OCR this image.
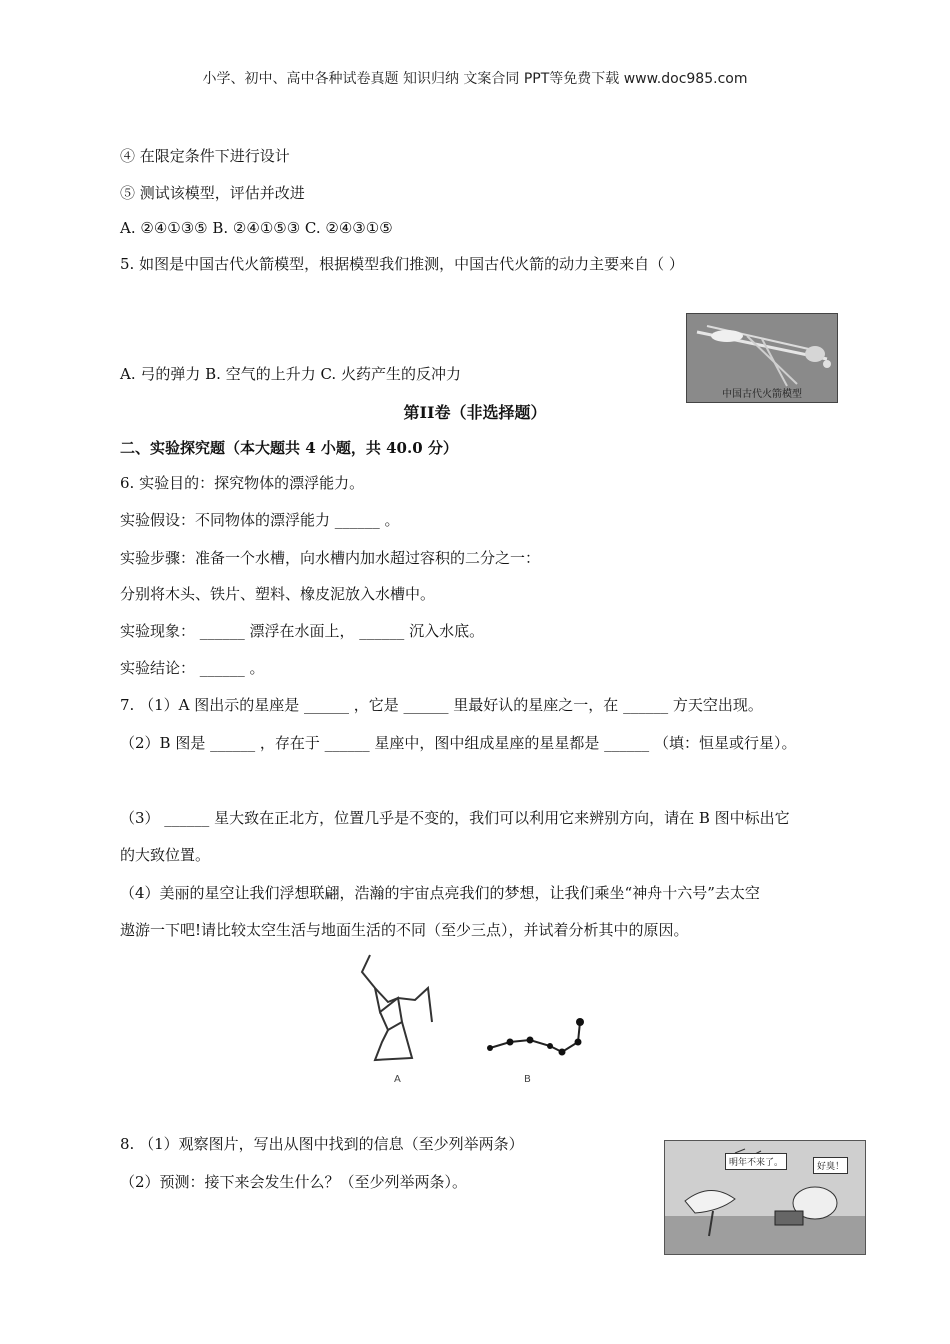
小学、初中、高中各种试卷真题 知识归纳 文案合同 PPT等免费下载 www.doc985.com
④ 在限定条件下进行设计
⑤ 测试该模型，评估并改进
A. ②④①③⑤ B. ②④①⑤③ C. ②④③①⑤
5. 如图是中国古代火箭模型，根据模型我们推测，中国古代火箭的动力主要来自（ ）
中国古代火箭模型
A. 弓的弹力 B. 空气的上升力 C. 火药产生的反冲力
第II卷（非选择题）
二、实验探究题（本大题共 4 小题，共 40.0 分）
6. 实验目的：探究物体的漂浮能力。
实验假设：不同物体的漂浮能力 ______ 。
实验步骤：准备一个水槽，向水槽内加水超过容积的二分之一：
分别将木头、铁片、塑料、橡皮泥放入水槽中。
实验现象： ______ 漂浮在水面上， ______ 沉入水底。
实验结论： ______ 。
7. （1）A 图出示的星座是 ______ ，它是 ______ 里最好认的星座之一，在 ______ 方天空出现。
（2）B 图是 ______ ，存在于 ______ 星座中，图中组成星座的星星都是 ______ （填：恒星或行星）。
（3） ______ 星大致在正北方，位置几乎是不变的，我们可以利用它来辨别方向，请在 B 图中标出它
的大致位置。
（4）美丽的星空让我们浮想联翩，浩瀚的宇宙点亮我们的梦想，让我们乘坐“神舟十六号”去太空
遨游一下吧!请比较太空生活与地面生活的不同（至少三点），并试着分析其中的原因。
A	B
8. （1）观察图片，写出从图中找到的信息（至少列举两条）
（2）预测：接下来会发生什么？（至少列举两条）。
明年不来了。	好臭！
